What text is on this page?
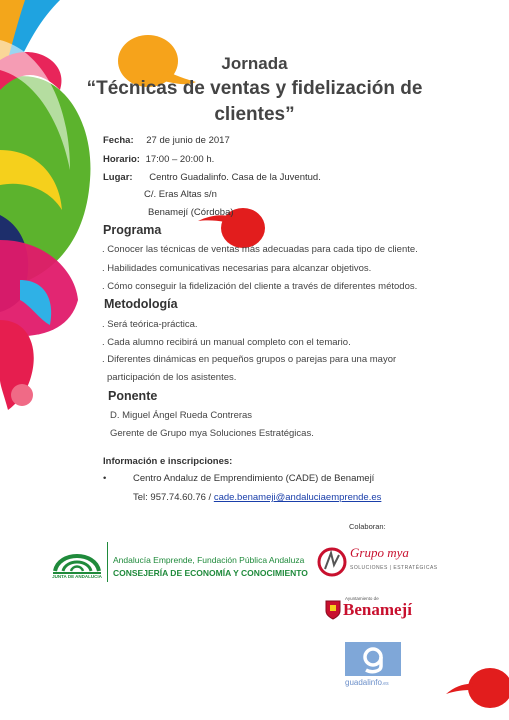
Jornada
“Técnicas de ventas y fidelización de
clientes”
Fecha: 27 de junio de 2017
Horario: 17:00 – 20:00 h.
Lugar: Centro Guadalinfo. Casa de la Juventud.
C/. Eras Altas s/n
Benamejí (Córdoba)
Programa
. Conocer las técnicas de ventas más adecuadas para cada tipo de cliente.
. Habilidades comunicativas necesarias para alcanzar objetivos.
. Cómo conseguir la fidelización del cliente a través de diferentes métodos.
Metodología
. Será teórica-práctica.
. Cada alumno recibirá un manual completo con el temario.
. Diferentes dinámicas en pequeños grupos o parejas para una mayor
participación de los asistentes.
Ponente
D. Miguel Ángel Rueda Contreras
Gerente de Grupo mya Soluciones Estratégicas.
Información e inscripciones:
•	Centro Andaluz de Emprendimiento (CADE) de Benamejí
Tel: 957.74.60.76 / cade.benameji@andaluciaemprende.es
Colaboran:
JUNTA DE ANDALUCIA
Andalucía Emprende, Fundación Pública Andaluza
CONSEJERÍA DE ECONOMÍA Y CONOCIMIENTO
Grupo mya
SOLUCIONES | ESTRATÉGICAS
Ayuntamiento de
Benamejí
guadalinfo.es
